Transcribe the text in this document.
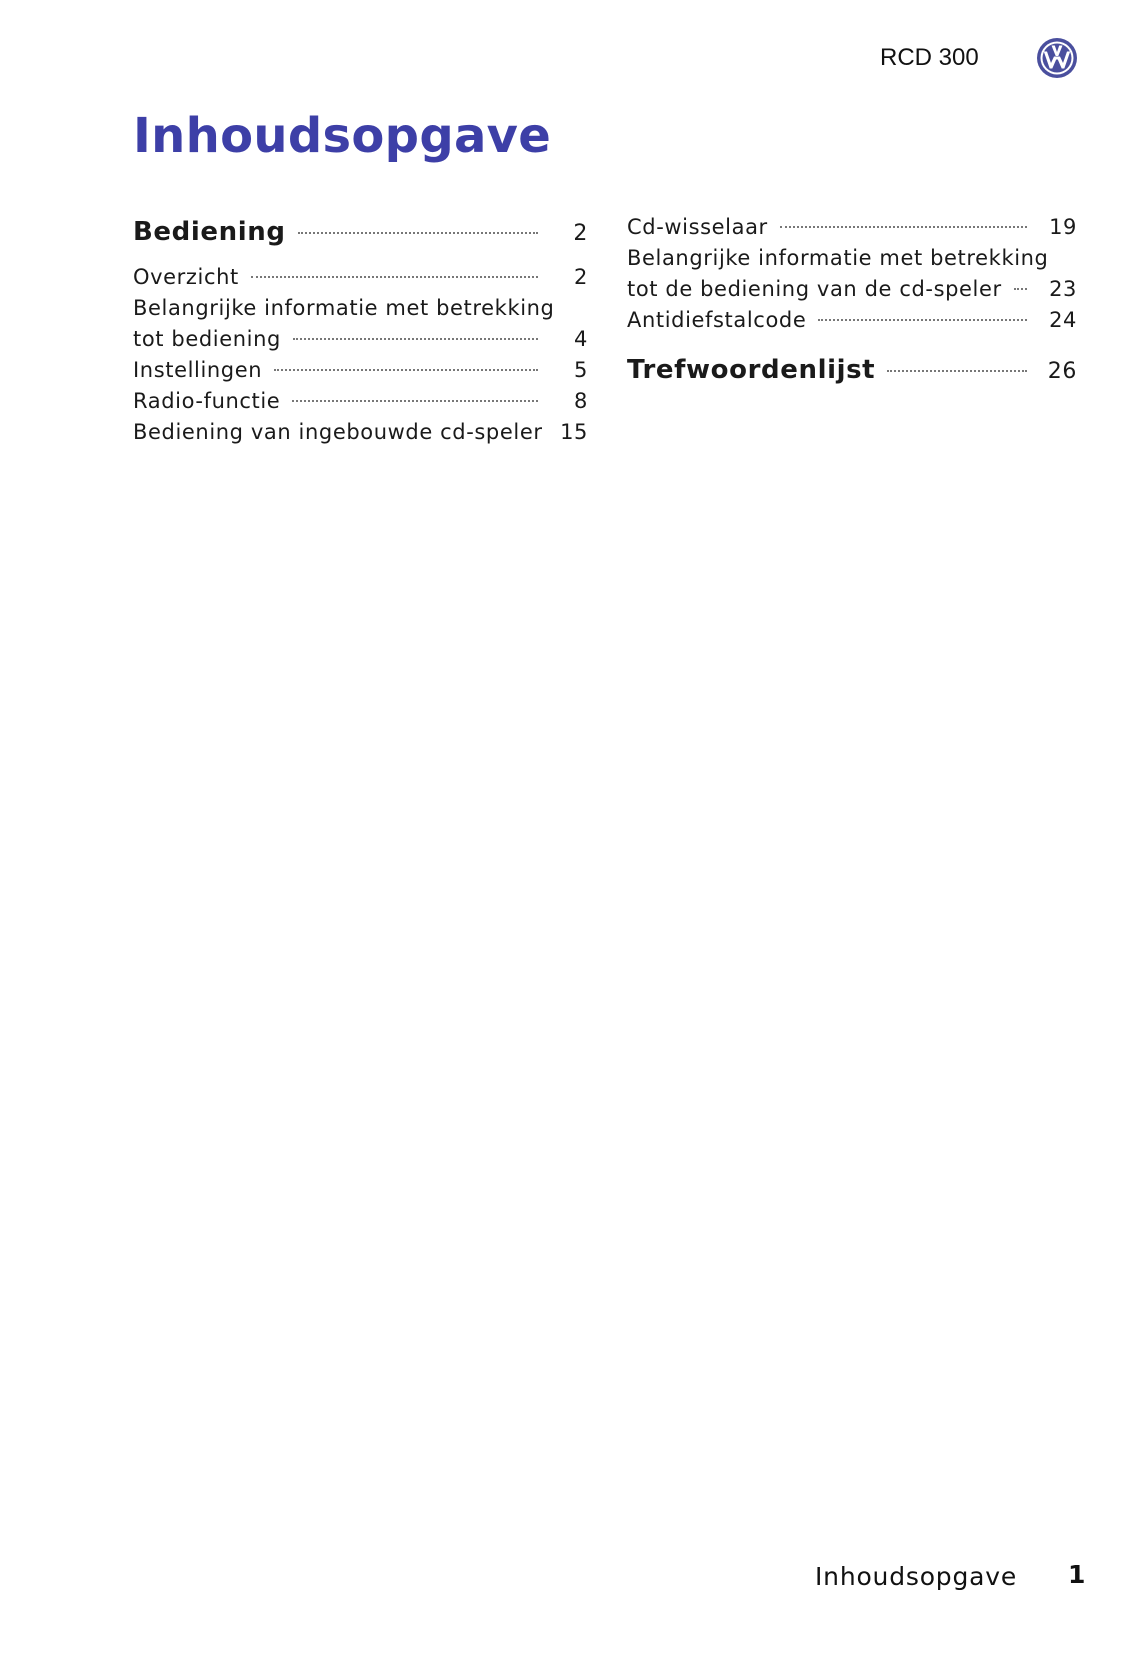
RCD 300
Inhoudsopgave
Bediening	2
Overzicht	2
Belangrijke informatie met betrekking
tot bediening	4
Instellingen	5
Radio-functie	8
Bediening van ingebouwde cd-speler 15
Cd-wisselaar	19
Belangrijke informatie met betrekking
tot de bediening van de cd-speler	23
Antidiefstalcode	24
Trefwoordenlijst	26
Inhoudsopgave 1
